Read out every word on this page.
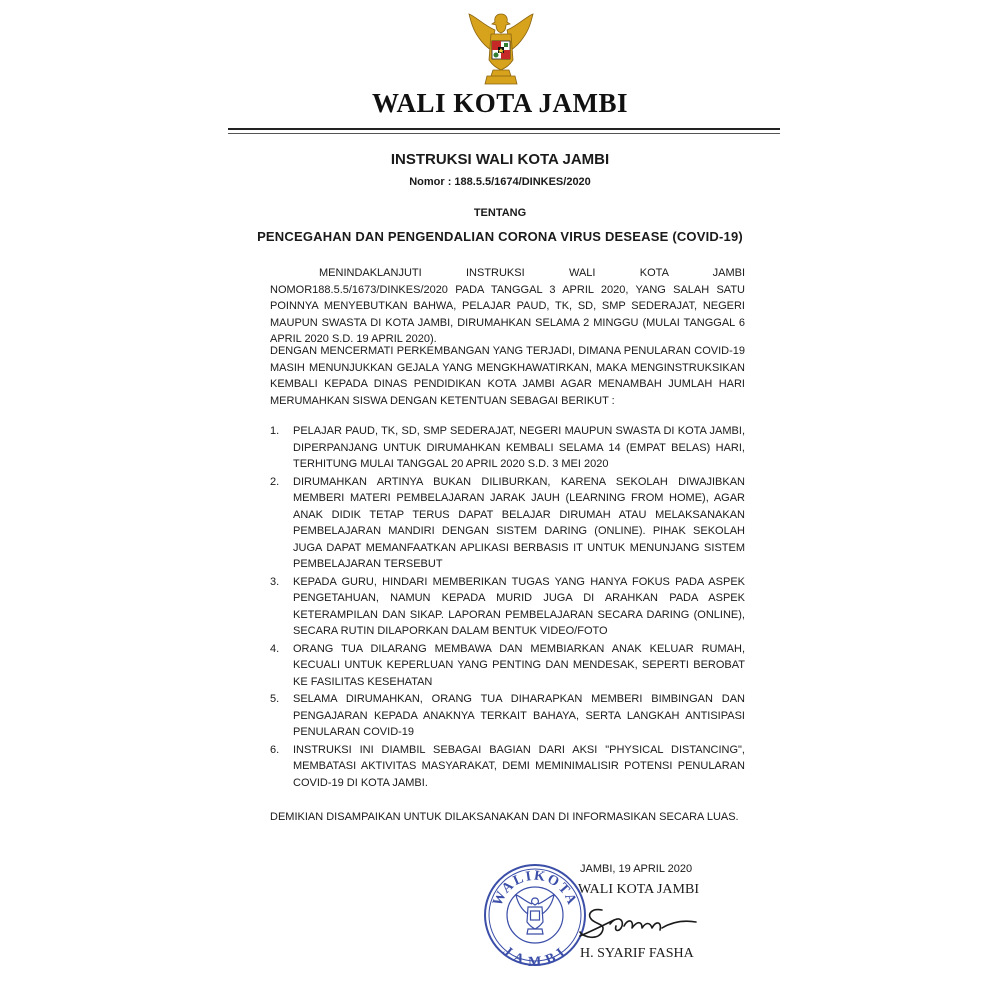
WALI KOTA JAMBI
INSTRUKSI WALI KOTA JAMBI
Nomor : 188.5.5/1674/DINKES/2020
TENTANG
PENCEGAHAN DAN PENGENDALIAN CORONA VIRUS DESEASE (COVID-19)

MENINDAKLANJUTI INSTRUKSI WALI KOTA JAMBI NOMOR188.5.5/1673/DINKES/2020 PADA TANGGAL 3 APRIL 2020, YANG SALAH SATU POINNYA MENYEBUTKAN BAHWA, PELAJAR PAUD, TK, SD, SMP SEDERAJAT, NEGERI MAUPUN SWASTA DI KOTA JAMBI, DIRUMAHKAN SELAMA 2 MINGGU (MULAI TANGGAL 6 APRIL 2020 S.D. 19 APRIL 2020).

DENGAN MENCERMATI PERKEMBANGAN YANG TERJADI, DIMANA PENULARAN COVID-19 MASIH MENUNJUKKAN GEJALA YANG MENGKHAWATIRKAN, MAKA MENGINSTRUKSIKAN KEMBALI KEPADA DINAS PENDIDIKAN KOTA JAMBI AGAR MENAMBAH JUMLAH HARI MERUMAHKAN SISWA DENGAN KETENTUAN SEBAGAI BERIKUT :

1.	PELAJAR PAUD, TK, SD, SMP SEDERAJAT, NEGERI MAUPUN SWASTA DI KOTA JAMBI, DIPERPANJANG UNTUK DIRUMAHKAN KEMBALI SELAMA 14 (EMPAT BELAS) HARI, TERHITUNG MULAI TANGGAL 20 APRIL 2020 S.D. 3 MEI 2020
2.	DIRUMAHKAN ARTINYA BUKAN DILIBURKAN, KARENA SEKOLAH DIWAJIBKAN MEMBERI MATERI PEMBELAJARAN JARAK JAUH (LEARNING FROM HOME), AGAR ANAK DIDIK TETAP TERUS DAPAT BELAJAR DIRUMAH ATAU MELAKSANAKAN PEMBELAJARAN MANDIRI DENGAN SISTEM DARING (ONLINE). PIHAK SEKOLAH JUGA DAPAT MEMANFAATKAN APLIKASI BERBASIS IT UNTUK MENUNJANG SISTEM PEMBELAJARAN TERSEBUT
3.	KEPADA GURU, HINDARI MEMBERIKAN TUGAS YANG HANYA FOKUS PADA ASPEK PENGETAHUAN, NAMUN KEPADA MURID JUGA DI ARAHKAN PADA ASPEK KETERAMPILAN DAN SIKAP. LAPORAN PEMBELAJARAN SECARA DARING (ONLINE), SECARA RUTIN DILAPORKAN DALAM BENTUK VIDEO/FOTO
4.	ORANG TUA DILARANG MEMBAWA DAN MEMBIARKAN ANAK KELUAR RUMAH, KECUALI UNTUK KEPERLUAN YANG PENTING DAN MENDESAK, SEPERTI BEROBAT KE FASILITAS KESEHATAN
5.	SELAMA DIRUMAHKAN, ORANG TUA DIHARAPKAN MEMBERI BIMBINGAN DAN PENGAJARAN KEPADA ANAKNYA TERKAIT BAHAYA, SERTA LANGKAH ANTISIPASI PENULARAN COVID-19
6.	INSTRUKSI INI DIAMBIL SEBAGAI BAGIAN DARI AKSI "PHYSICAL DISTANCING", MEMBATASI AKTIVITAS MASYARAKAT, DEMI MEMINIMALISIR POTENSI PENULARAN COVID-19 DI KOTA JAMBI.
DEMIKIAN DISAMPAIKAN UNTUK DILAKSANAKAN DAN DI INFORMASIKAN SECARA LUAS.
WALIKOTA
JAMBI
JAMBI, 19 APRIL 2020
WALI KOTA JAMBI
H. SYARIF FASHA
